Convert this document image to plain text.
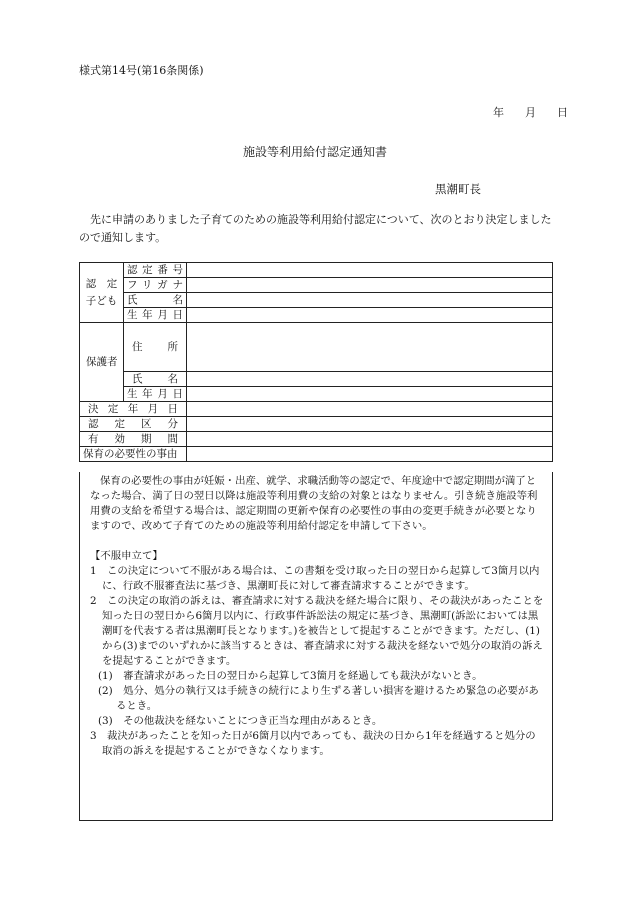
様式第14号(第16条関係)
年 月 日
施設等利用給付認定通知書
黒潮町長

先に申請のありました子育てのための施設等利用給付認定について、次のとおり決定しましたので通知します。

認　定
子ども	認定番号	
	フリガナ	
	氏　　名	
	生年月日	
保護者	住　　所	
	氏　　名	
	生年月日	
決定年月日		
認定区分		
有効期間		
保育の必要性の事由		

保育の必要性の事由が妊娠・出産、就学、求職活動等の認定で、年度途中で認定期間が満了となった場合、満了日の翌日以降は施設等利用費の支給の対象とはなりません。引き続き施設等利用費の支給を希望する場合は、認定期間の更新や保育の必要性の事由の変更手続きが必要となりますので、改めて子育てのための施設等利用給付認定を申請して下さい。

【不服申立て】

1　この決定について不服がある場合は、この書類を受け取った日の翌日から起算して3箇月以内に、行政不服審査法に基づき、黒潮町長に対して審査請求することができます。

2　この決定の取消の訴えは、審査請求に対する裁決を経た場合に限り、その裁決があったことを知った日の翌日から6箇月以内に、行政事件訴訟法の規定に基づき、黒潮町(訴訟においては黒潮町を代表する者は黒潮町長となります。)を被告として提起することができます。ただし、(1)から(3)までのいずれかに該当するときは、審査請求に対する裁決を経ないで処分の取消の訴えを提起することができます。

(1)　審査請求があった日の翌日から起算して3箇月を経過しても裁決がないとき。

(2)　処分、処分の執行又は手続きの続行により生ずる著しい損害を避けるため緊急の必要があるとき。

(3)　その他裁決を経ないことにつき正当な理由があるとき。

3　裁決があったことを知った日が6箇月以内であっても、裁決の日から1年を経過すると処分の取消の訴えを提起することができなくなります。
